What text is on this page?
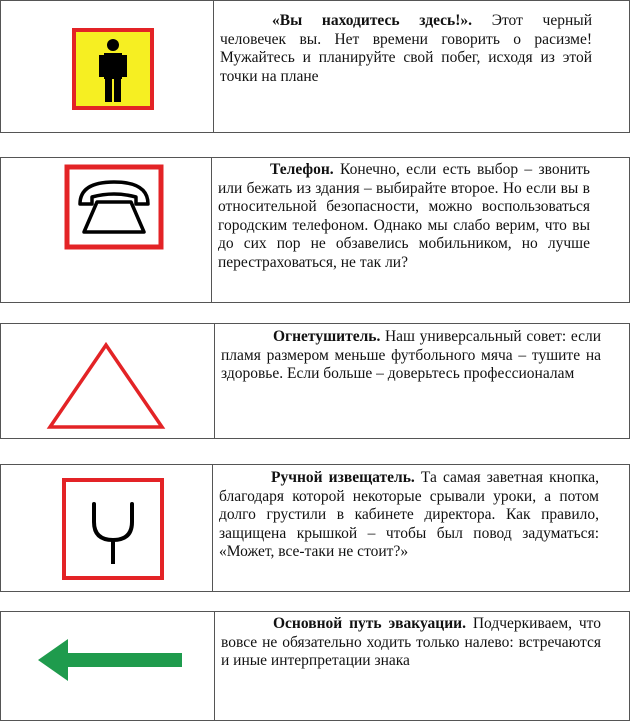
«Вы находитесь здесь!». Этот черный человечек вы. Нет времени говорить о расизме! Мужайтесь и планируйте свой побег, исходя из этой точки на плане
Телефон. Конечно, если есть выбор – звонить или бежать из здания – выбирайте второе. Но если вы в относительной безопасности, можно воспользоваться городским телефоном. Однако мы слабо верим, что вы до сих пор не обзавелись мобильником, но лучше перестраховаться, не так ли?
Огнетушитель. Наш универсальный совет: если пламя размером меньше футбольного мяча – тушите на здоровье. Если больше – доверьтесь профессионалам
Ручной извещатель. Та самая заветная кнопка, благодаря которой некоторые срывали уроки, а потом долго грустили в кабинете директора. Как правило, защищена крышкой – чтобы был повод задуматься: «Может, все-таки не стоит?»
Основной путь эвакуации. Подчеркиваем, что вовсе не обязательно ходить только налево: встречаются и иные интерпретации знака
